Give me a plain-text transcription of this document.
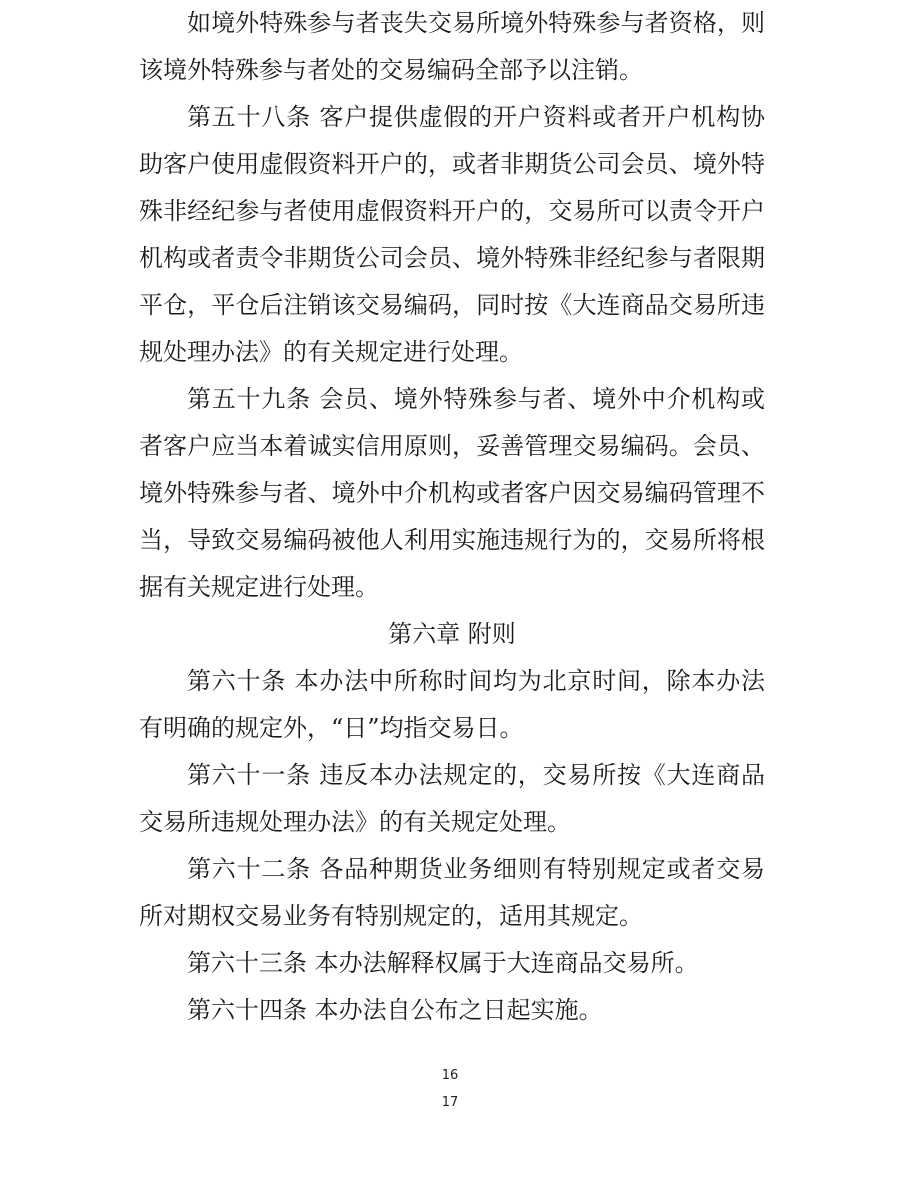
如境外特殊参与者丧失交易所境外特殊参与者资格，则
该境外特殊参与者处的交易编码全部予以注销。
第五十八条 客户提供虚假的开户资料或者开户机构协
助客户使用虚假资料开户的，或者非期货公司会员、境外特
殊非经纪参与者使用虚假资料开户的，交易所可以责令开户
机构或者责令非期货公司会员、境外特殊非经纪参与者限期
平仓，平仓后注销该交易编码，同时按《大连商品交易所违
规处理办法》的有关规定进行处理。
第五十九条 会员、境外特殊参与者、境外中介机构或
者客户应当本着诚实信用原则，妥善管理交易编码。会员、
境外特殊参与者、境外中介机构或者客户因交易编码管理不
当，导致交易编码被他人利用实施违规行为的，交易所将根
据有关规定进行处理。
第六章 附则
第六十条 本办法中所称时间均为北京时间，除本办法
有明确的规定外，“日”均指交易日。
第六十一条 违反本办法规定的，交易所按《大连商品
交易所违规处理办法》的有关规定处理。
第六十二条 各品种期货业务细则有特别规定或者交易
所对期权交易业务有特别规定的，适用其规定。
第六十三条 本办法解释权属于大连商品交易所。
第六十四条 本办法自公布之日起实施。
16
17
